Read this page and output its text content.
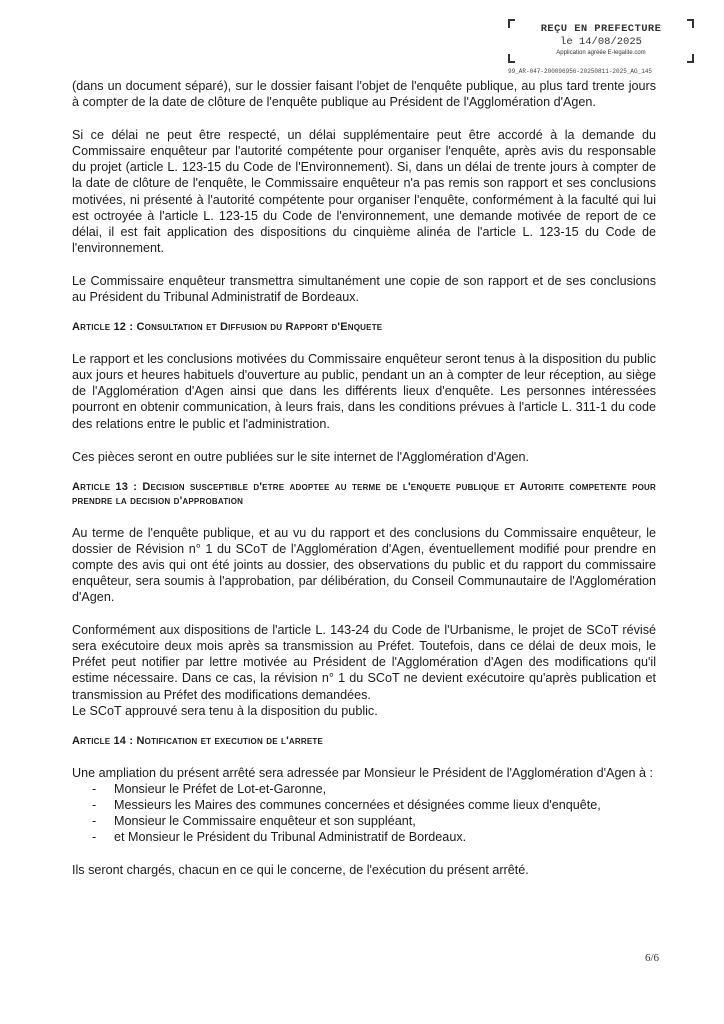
REÇU EN PREFECTURE
le 14/08/2025
Application agréée E-legalite.com
99_AR-047-200096956-20250811-2025_AG_145

(dans un document séparé), sur le dossier faisant l'objet de l'enquête publique, au plus tard trente jours à compter de la date de clôture de l'enquête publique au Président de l'Agglomération d'Agen.

Si ce délai ne peut être respecté, un délai supplémentaire peut être accordé à la demande du Commissaire enquêteur par l'autorité compétente pour organiser l'enquête, après avis du responsable du projet (article L. 123-15 du Code de l'Environnement). Si, dans un délai de trente jours à compter de la date de clôture de l'enquête, le Commissaire enquêteur n'a pas remis son rapport et ses conclusions motivées, ni présenté à l'autorité compétente pour organiser l'enquête, conformément à la faculté qui lui est octroyée à l'article L. 123-15 du Code de l'environnement, une demande motivée de report de ce délai, il est fait application des dispositions du cinquième alinéa de l'article L. 123-15 du Code de l'environnement.

Le Commissaire enquêteur transmettra simultanément une copie de son rapport et de ses conclusions au Président du Tribunal Administratif de Bordeaux.

Article 12 : Consultation et Diffusion du Rapport d'Enquete

Le rapport et les conclusions motivées du Commissaire enquêteur seront tenus à la disposition du public aux jours et heures habituels d'ouverture au public, pendant un an à compter de leur réception, au siège de l'Agglomération d'Agen ainsi que dans les différents lieux d'enquête. Les personnes intéressées pourront en obtenir communication, à leurs frais, dans les conditions prévues à l'article L. 311-1 du code des relations entre le public et l'administration.

Ces pièces seront en outre publiées sur le site internet de l'Agglomération d'Agen.

Article 13 : Decision susceptible d'etre adoptee au terme de l'enquete publique et Autorite competente pour prendre la decision d'approbation

Au terme de l'enquête publique, et au vu du rapport et des conclusions du Commissaire enquêteur, le dossier de Révision n° 1 du SCoT de l'Agglomération d'Agen, éventuellement modifié pour prendre en compte des avis qui ont été joints au dossier, des observations du public et du rapport du commissaire enquêteur, sera soumis à l'approbation, par délibération, du Conseil Communautaire de l'Agglomération d'Agen.

Conformément aux dispositions de l'article L. 143-24 du Code de l'Urbanisme, le projet de SCoT révisé sera exécutoire deux mois après sa transmission au Préfet. Toutefois, dans ce délai de deux mois, le Préfet peut notifier par lettre motivée au Président de l'Agglomération d'Agen des modifications qu'il estime nécessaire. Dans ce cas, la révision n° 1 du SCoT ne devient exécutoire qu'après publication et transmission au Préfet des modifications demandées.

Le SCoT approuvé sera tenu à la disposition du public.

Article 14 : Notification et execution de l'arrete

Une ampliation du présent arrêté sera adressée par Monsieur le Président de l'Agglomération d'Agen à :

- Monsieur le Préfet de Lot-et-Garonne,
- Messieurs les Maires des communes concernées et désignées comme lieux d'enquête,
- Monsieur le Commissaire enquêteur et son suppléant,
- et Monsieur le Président du Tribunal Administratif de Bordeaux.

Ils seront chargés, chacun en ce qui le concerne, de l'exécution du présent arrêté.

6/6
